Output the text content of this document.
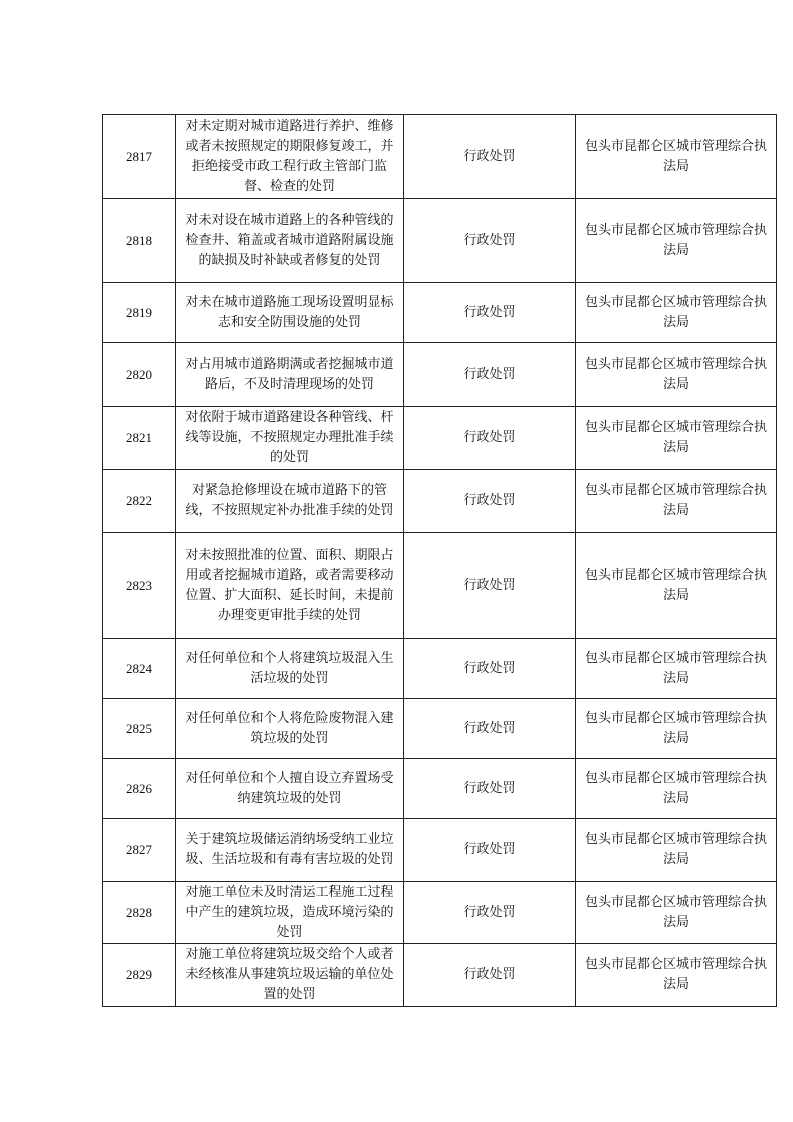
2817	对未定期对城市道路进行养护、维修或者未按照规定的期限修复竣工，并拒绝接受市政工程行政主管部门监督、检查的处罚	行政处罚	包头市昆都仑区城市管理综合执法局
2818	对未对设在城市道路上的各种管线的检查井、箱盖或者城市道路附属设施的缺损及时补缺或者修复的处罚	行政处罚	包头市昆都仑区城市管理综合执法局
2819	对未在城市道路施工现场设置明显标志和安全防围设施的处罚	行政处罚	包头市昆都仑区城市管理综合执法局
2820	对占用城市道路期满或者挖掘城市道路后，不及时清理现场的处罚	行政处罚	包头市昆都仑区城市管理综合执法局
2821	对依附于城市道路建设各种管线、杆线等设施，不按照规定办理批准手续的处罚	行政处罚	包头市昆都仑区城市管理综合执法局
2822	对紧急抢修埋设在城市道路下的管线，不按照规定补办批准手续的处罚	行政处罚	包头市昆都仑区城市管理综合执法局
2823	对未按照批准的位置、面积、期限占用或者挖掘城市道路，或者需要移动位置、扩大面积、延长时间，未提前办理变更审批手续的处罚	行政处罚	包头市昆都仑区城市管理综合执法局
2824	对任何单位和个人将建筑垃圾混入生活垃圾的处罚	行政处罚	包头市昆都仑区城市管理综合执法局
2825	对任何单位和个人将危险废物混入建筑垃圾的处罚	行政处罚	包头市昆都仑区城市管理综合执法局
2826	对任何单位和个人擅自设立弃置场受纳建筑垃圾的处罚	行政处罚	包头市昆都仑区城市管理综合执法局
2827	关于建筑垃圾储运消纳场受纳工业垃圾、生活垃圾和有毒有害垃圾的处罚	行政处罚	包头市昆都仑区城市管理综合执法局
2828	对施工单位未及时清运工程施工过程中产生的建筑垃圾，造成环境污染的处罚	行政处罚	包头市昆都仑区城市管理综合执法局
2829	对施工单位将建筑垃圾交给个人或者未经核准从事建筑垃圾运输的单位处置的处罚	行政处罚	包头市昆都仑区城市管理综合执法局
